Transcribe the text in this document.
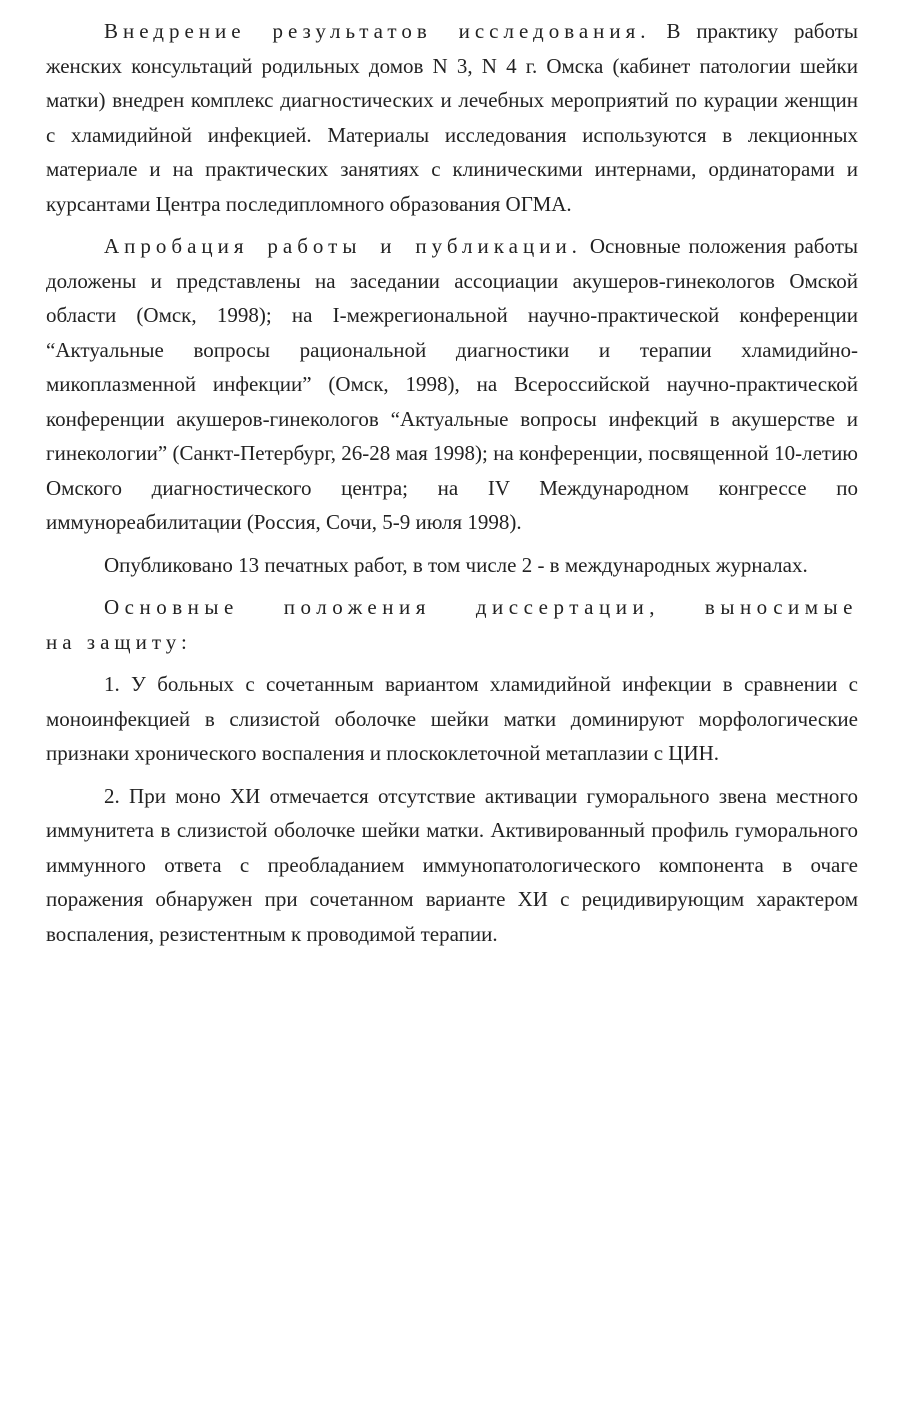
Внедрение результатов исследования. В практику работы женских консультаций родильных домов N 3, N 4 г. Омска (кабинет патологии шейки матки) внедрен комплекс диагностических и лечебных мероприятий по курации женщин с хламидийной инфекцией. Материалы исследования используются в лекционных материале и на практических занятиях с клиническими интернами, ординаторами и курсантами Центра последипломного образования ОГМА.

Апробация работы и публикации. Основные положения работы доложены и представлены на заседании ассоциации акушеров-гинекологов Омской области (Омск, 1998); на I-межрегиональной научно-практической конференции “Актуальные вопросы рациональной диагностики и терапии хламидийно-микоплазменной инфекции” (Омск, 1998), на Всероссийской научно-практической конференции акушеров-гинекологов “Актуальные вопросы инфекций в акушерстве и гинекологии” (Санкт-Петербург, 26-28 мая 1998); на конференции, посвященной 10-летию Омского диагностического центра; на IV Международном конгрессе по иммунореабилитации (Россия, Сочи, 5-9 июля 1998).

Опубликовано 13 печатных работ, в том числе 2 - в международных журналах.

Основные положения диссертации, выносимые
на защиту:

1. У больных с сочетанным вариантом хламидийной инфекции в сравнении с моноинфекцией в слизистой оболочке шейки матки доминируют морфологические признаки хронического воспаления и плоскоклеточной метаплазии с ЦИН.

2. При моно ХИ отмечается отсутствие активации гуморального звена местного иммунитета в слизистой оболочке шейки матки. Активированный профиль гуморального иммунного ответа с преобладанием иммунопатологического компонента в очаге поражения обнаружен при сочетанном варианте ХИ с рецидивирующим характером воспаления, резистентным к проводимой терапии.
